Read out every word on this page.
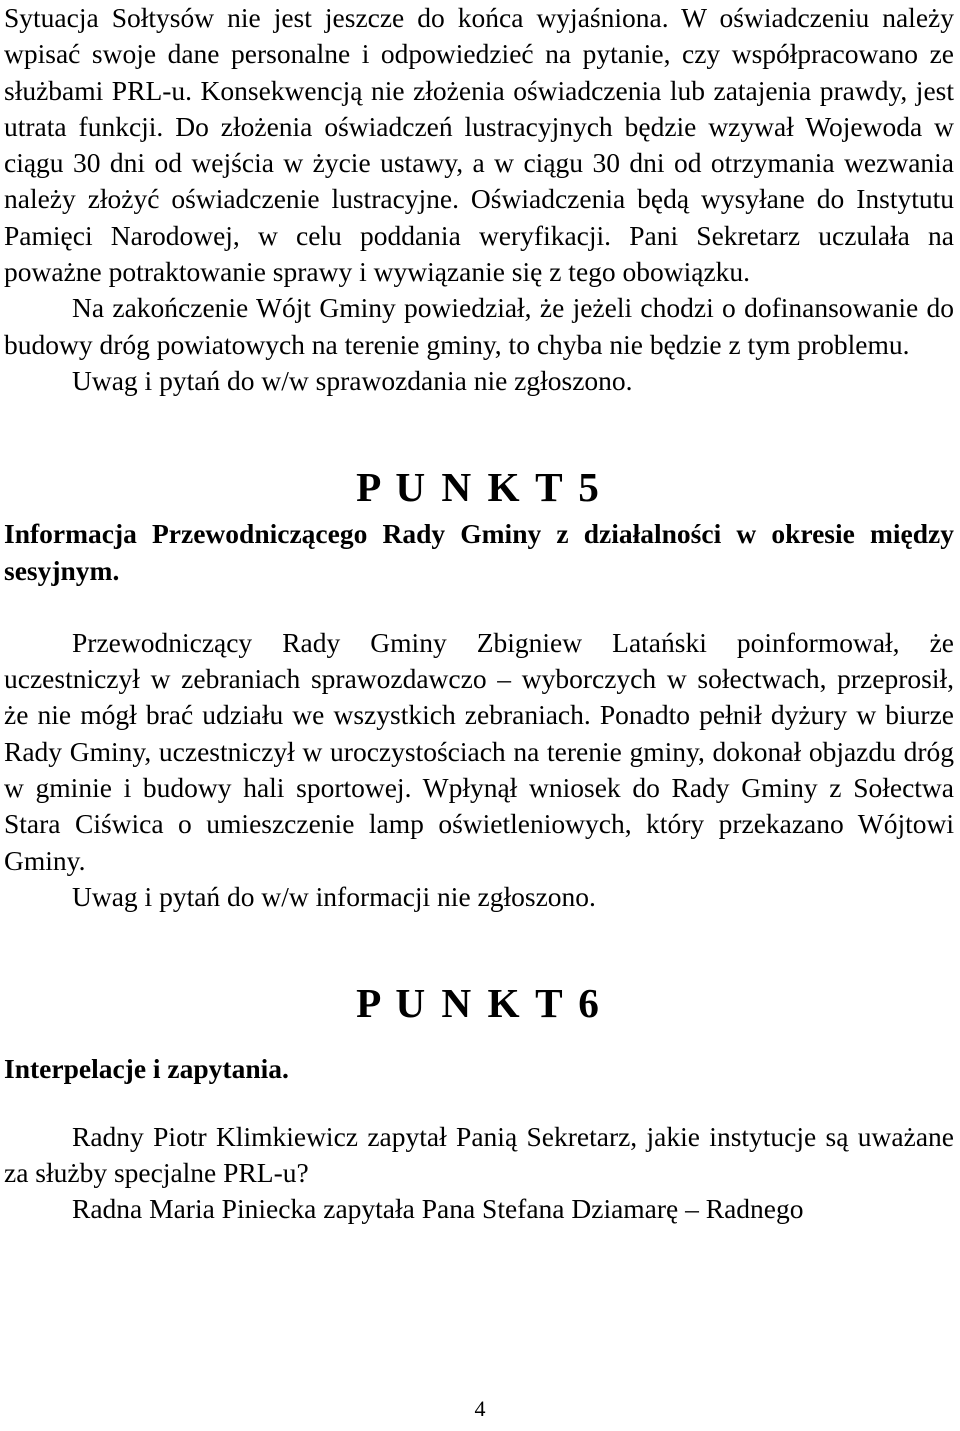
Sytuacja Sołtysów nie jest jeszcze do końca wyjaśniona. W oświadczeniu należy wpisać swoje dane personalne i odpowiedzieć na pytanie, czy współpracowano ze służbami PRL-u. Konsekwencją nie złożenia oświadczenia lub zatajenia prawdy, jest utrata funkcji. Do złożenia oświadczeń lustracyjnych będzie wzywał Wojewoda w ciągu 30 dni od wejścia w życie ustawy, a w ciągu 30 dni od otrzymania wezwania należy złożyć oświadczenie lustracyjne. Oświadczenia będą wysyłane do Instytutu Pamięci Narodowej, w celu poddania weryfikacji. Pani Sekretarz uczulała na poważne potraktowanie sprawy i wywiązanie się z tego obowiązku.

Na zakończenie Wójt Gminy powiedział, że jeżeli chodzi o dofinansowanie do budowy dróg powiatowych na terenie gminy, to chyba nie będzie z tym problemu.

Uwag i pytań do w/w sprawozdania nie zgłoszono.

P U N K T 5

Informacja Przewodniczącego Rady Gminy z działalności w okresie między sesyjnym.

Przewodniczący Rady Gminy Zbigniew Latański poinformował, że uczestniczył w zebraniach sprawozdawczo – wyborczych w sołectwach, przeprosił, że nie mógł brać udziału we wszystkich zebraniach. Ponadto pełnił dyżury w biurze Rady Gminy, uczestniczył w uroczystościach na terenie gminy, dokonał objazdu dróg w gminie i budowy hali sportowej. Wpłynął wniosek do Rady Gminy z Sołectwa Stara Ciświca o umieszczenie lamp oświetleniowych, który przekazano Wójtowi Gminy.

Uwag i pytań do w/w informacji nie zgłoszono.

P U N K T 6

Interpelacje i zapytania.

Radny Piotr Klimkiewicz zapytał Panią Sekretarz, jakie instytucje są uważane za służby specjalne PRL-u?

Radna Maria Piniecka zapytała Pana Stefana Dziamarę – Radnego

4
